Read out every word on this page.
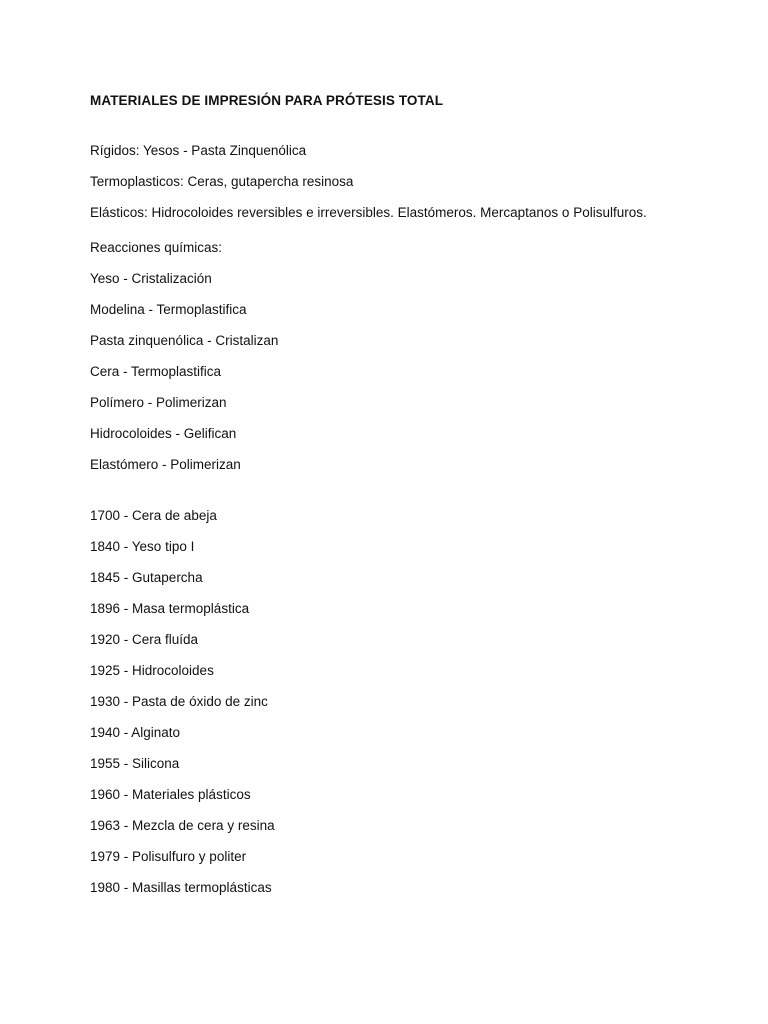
MATERIALES DE IMPRESIÓN PARA PRÓTESIS TOTAL

Rígidos: Yesos - Pasta Zinquenólica

Termoplasticos: Ceras, gutapercha resinosa

Elásticos: Hidrocoloides reversibles e irreversibles. Elastómeros. Mercaptanos o Polisulfuros.

Reacciones químicas:

Yeso - Cristalización

Modelina - Termoplastifica

Pasta zinquenólica - Cristalizan

Cera - Termoplastifica

Polímero - Polimerizan

Hidrocoloides - Gelifican

Elastómero - Polimerizan

1700 - Cera de abeja

1840 - Yeso tipo I

1845 - Gutapercha

1896 - Masa termoplástica

1920 - Cera fluída

1925 - Hidrocoloides

1930 - Pasta de óxido de zinc

1940 - Alginato

1955 - Silicona

1960 - Materiales plásticos

1963 - Mezcla de cera y resina

1979 - Polisulfuro y politer

1980 - Masillas termoplásticas
